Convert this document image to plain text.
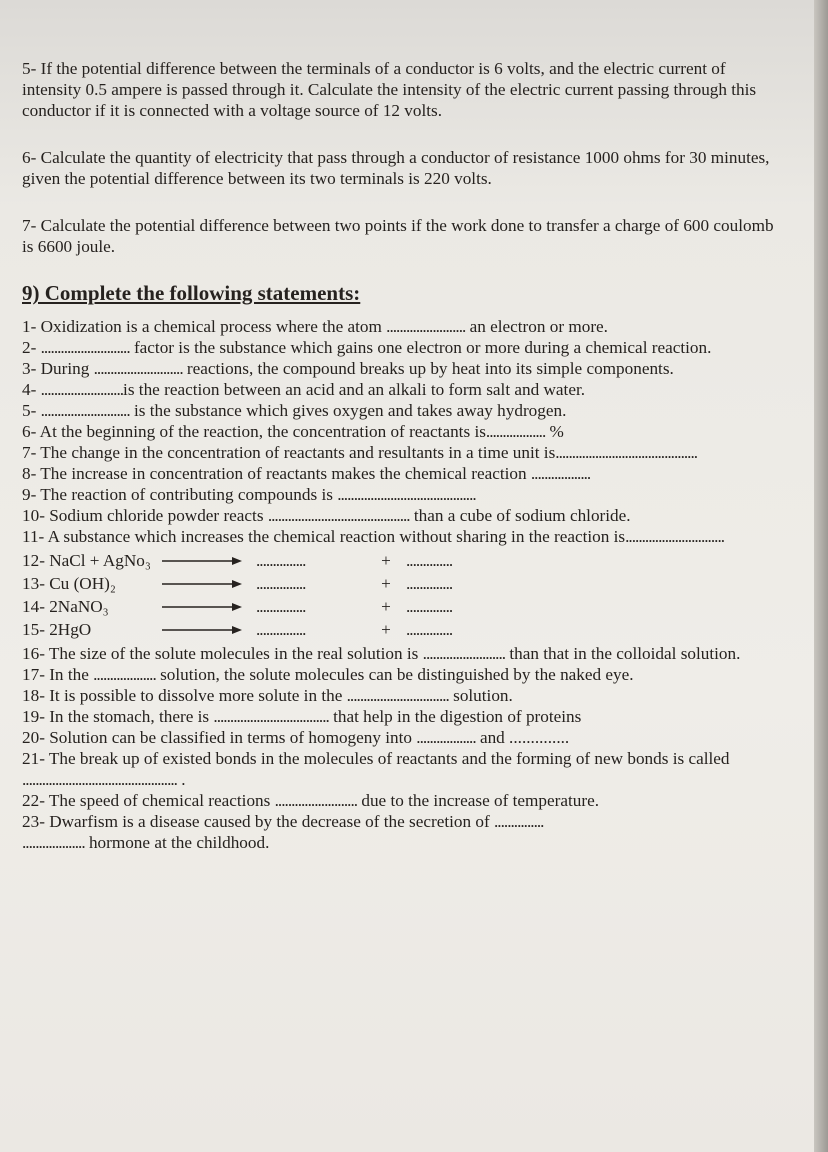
5- If the potential difference between the terminals of a conductor is 6 volts, and the electric current of intensity 0.5 ampere is passed through it. Calculate the intensity of the electric current passing through this conductor if it is connected with a voltage source of 12 volts.

6- Calculate the quantity of electricity that pass through a conductor of resistance 1000 ohms for 30 minutes, given the potential difference between its two terminals is 220 volts.

7- Calculate the potential difference between two points if the work done to transfer a charge of 600 coulomb is 6600 joule.

9) Complete the following statements:

1- Oxidization is a chemical process where the atom ........................ an electron or more.

2- ........................... factor is the substance which gains one electron or more during a chemical reaction.

3- During ........................... reactions, the compound breaks up by heat into its simple components.

4- .........................is the reaction between an acid and an alkali to form salt and water.

5- ........................... is the substance which gives oxygen and takes away hydrogen.

6- At the beginning of the reaction, the concentration of reactants is.................. %

7- The change in the concentration of reactants and resultants in a time unit is...........................................

8- The increase in concentration of reactants makes the chemical reaction ..................

9- The reaction of contributing compounds is ..........................................

10- Sodium chloride powder reacts ........................................... than a cube of sodium chloride.

11- A substance which increases the chemical reaction without sharing in the reaction is..............................

12- NaCl + AgNo₃	...............	+ ..............
13- Cu (OH)₂	...............	+ ..............
14- 2NaNO₃	...............	+ ..............
15- 2HgO	...............	+ ..............

16- The size of the solute molecules in the real solution is ......................... than that in the colloidal solution.

17- In the ................... solution, the solute molecules can be distinguished by the naked eye.

18- It is possible to dissolve more solute in the ............................... solution.

19- In the stomach, there is ................................... that help in the digestion of proteins

20- Solution can be classified in terms of homogeny into .................. and ..............

21- The break up of existed bonds in the molecules of reactants and the forming of new bonds is called ............................................... .

22- The speed of chemical reactions ......................... due to the increase of temperature.

23- Dwarfism is a disease caused by the decrease of the secretion of ...............

................... hormone at the childhood.
